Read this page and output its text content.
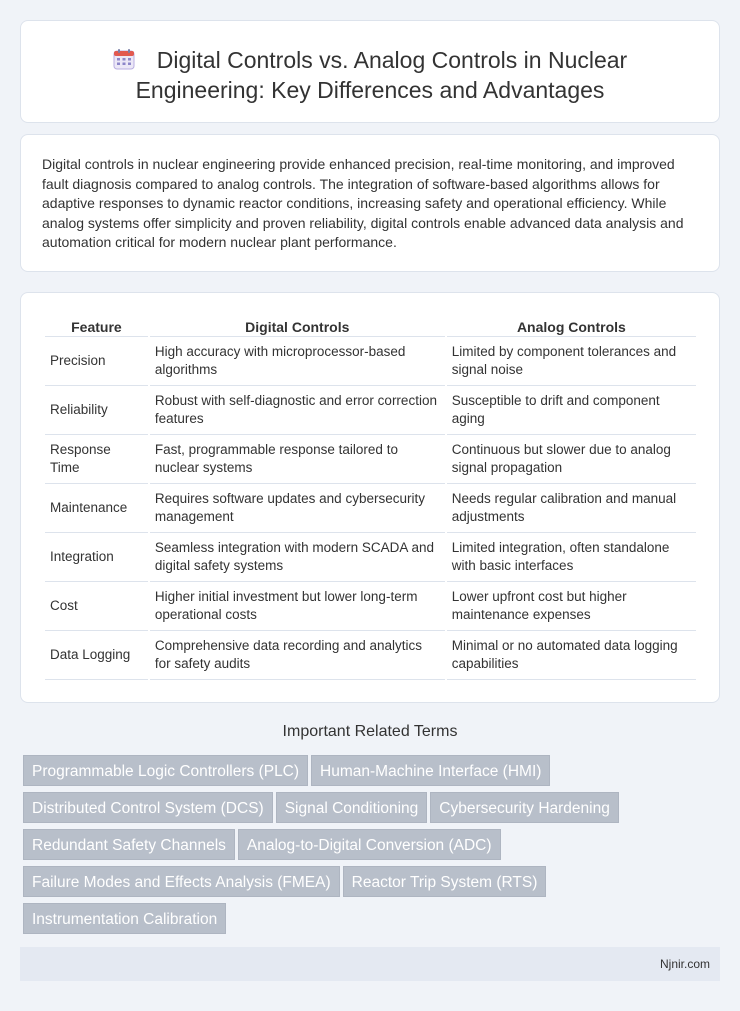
Digital Controls vs. Analog Controls in Nuclear
Engineering: Key Differences and Advantages

Digital controls in nuclear engineering provide enhanced precision, real-time monitoring, and improved fault diagnosis compared to analog controls. The integration of software-based algorithms allows for adaptive responses to dynamic reactor conditions, increasing safety and operational efficiency. While analog systems offer simplicity and proven reliability, digital controls enable advanced data analysis and automation critical for modern nuclear plant performance.

Feature	Digital Controls	Analog Controls
Precision	High accuracy with microprocessor-based algorithms	Limited by component tolerances and signal noise
Reliability	Robust with self-diagnostic and error correction features	Susceptible to drift and component aging
Response Time	Fast, programmable response tailored to nuclear systems	Continuous but slower due to analog signal propagation
Maintenance	Requires software updates and cybersecurity management	Needs regular calibration and manual adjustments
Integration	Seamless integration with modern SCADA and digital safety systems	Limited integration, often standalone with basic interfaces
Cost	Higher initial investment but lower long-term operational costs	Lower upfront cost but higher maintenance expenses
Data Logging	Comprehensive data recording and analytics for safety audits	Minimal or no automated data logging capabilities
Important Related Terms
Programmable Logic Controllers (PLC) Human-Machine Interface (HMI)
Distributed Control System (DCS) Signal Conditioning Cybersecurity Hardening
Redundant Safety Channels Analog-to-Digital Conversion (ADC)
Failure Modes and Effects Analysis (FMEA) Reactor Trip System (RTS)
Instrumentation Calibration
Njnir.com
